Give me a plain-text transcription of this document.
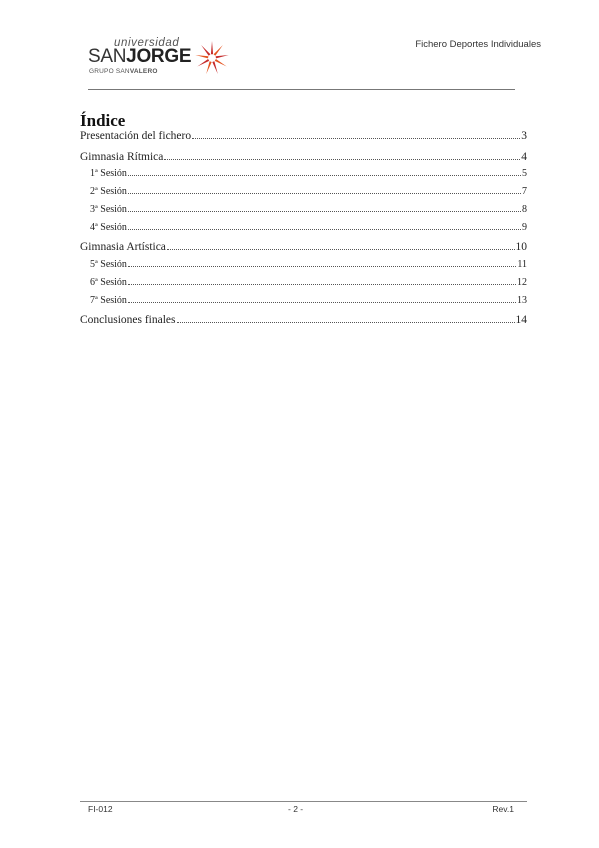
universidad
SANJORGE
GRUPO SANVALERO
Fichero Deportes Individuales
Índice
Presentación del fichero	3
Gimnasia Rítmica	4
1ª Sesión	5
2ª Sesión	7
3ª Sesión	8
4ª Sesión	9
Gimnasia Artística	10
5ª Sesión	11
6ª Sesión	12
7ª Sesión	13
Conclusiones finales	14
FI-012	- 2 -	Rev.1
